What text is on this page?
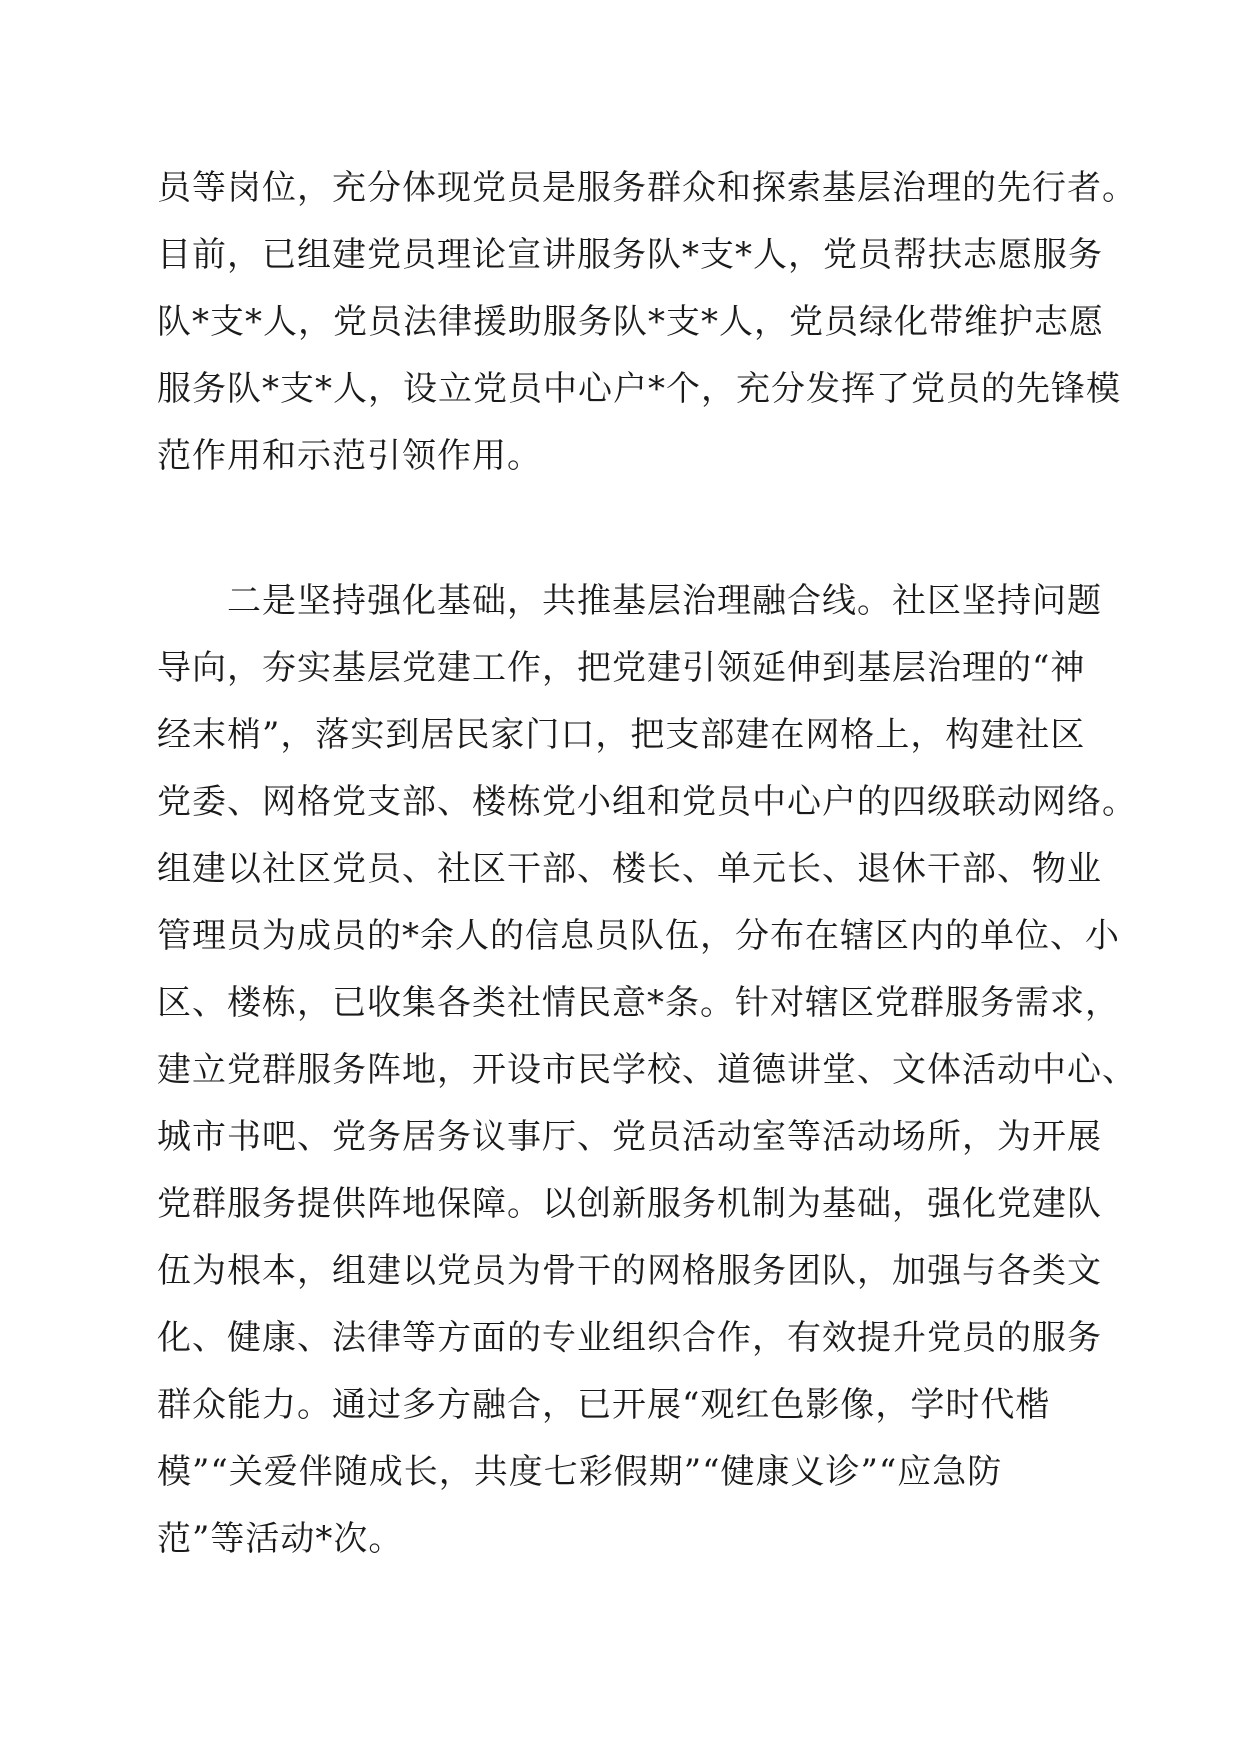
员等岗位，充分体现党员是服务群众和探索基层治理的先行者。
目前，已组建党员理论宣讲服务队*支*人，党员帮扶志愿服务
队*支*人，党员法律援助服务队*支*人，党员绿化带维护志愿
服务队*支*人，设立党员中心户*个，充分发挥了党员的先锋模
范作用和示范引领作用。
　　二是坚持强化基础，共推基层治理融合线。社区坚持问题
导向，夯实基层党建工作，把党建引领延伸到基层治理的“神
经末梢”，落实到居民家门口，把支部建在网格上，构建社区
党委、网格党支部、楼栋党小组和党员中心户的四级联动网络。
组建以社区党员、社区干部、楼长、单元长、退休干部、物业
管理员为成员的*余人的信息员队伍，分布在辖区内的单位、小
区、楼栋，已收集各类社情民意*条。针对辖区党群服务需求，
建立党群服务阵地，开设市民学校、道德讲堂、文体活动中心、
城市书吧、党务居务议事厅、党员活动室等活动场所，为开展
党群服务提供阵地保障。以创新服务机制为基础，强化党建队
伍为根本，组建以党员为骨干的网格服务团队，加强与各类文
化、健康、法律等方面的专业组织合作，有效提升党员的服务
群众能力。通过多方融合，已开展“观红色影像，学时代楷
模”“关爱伴随成长，共度七彩假期”“健康义诊”“应急防
范”等活动*次。
